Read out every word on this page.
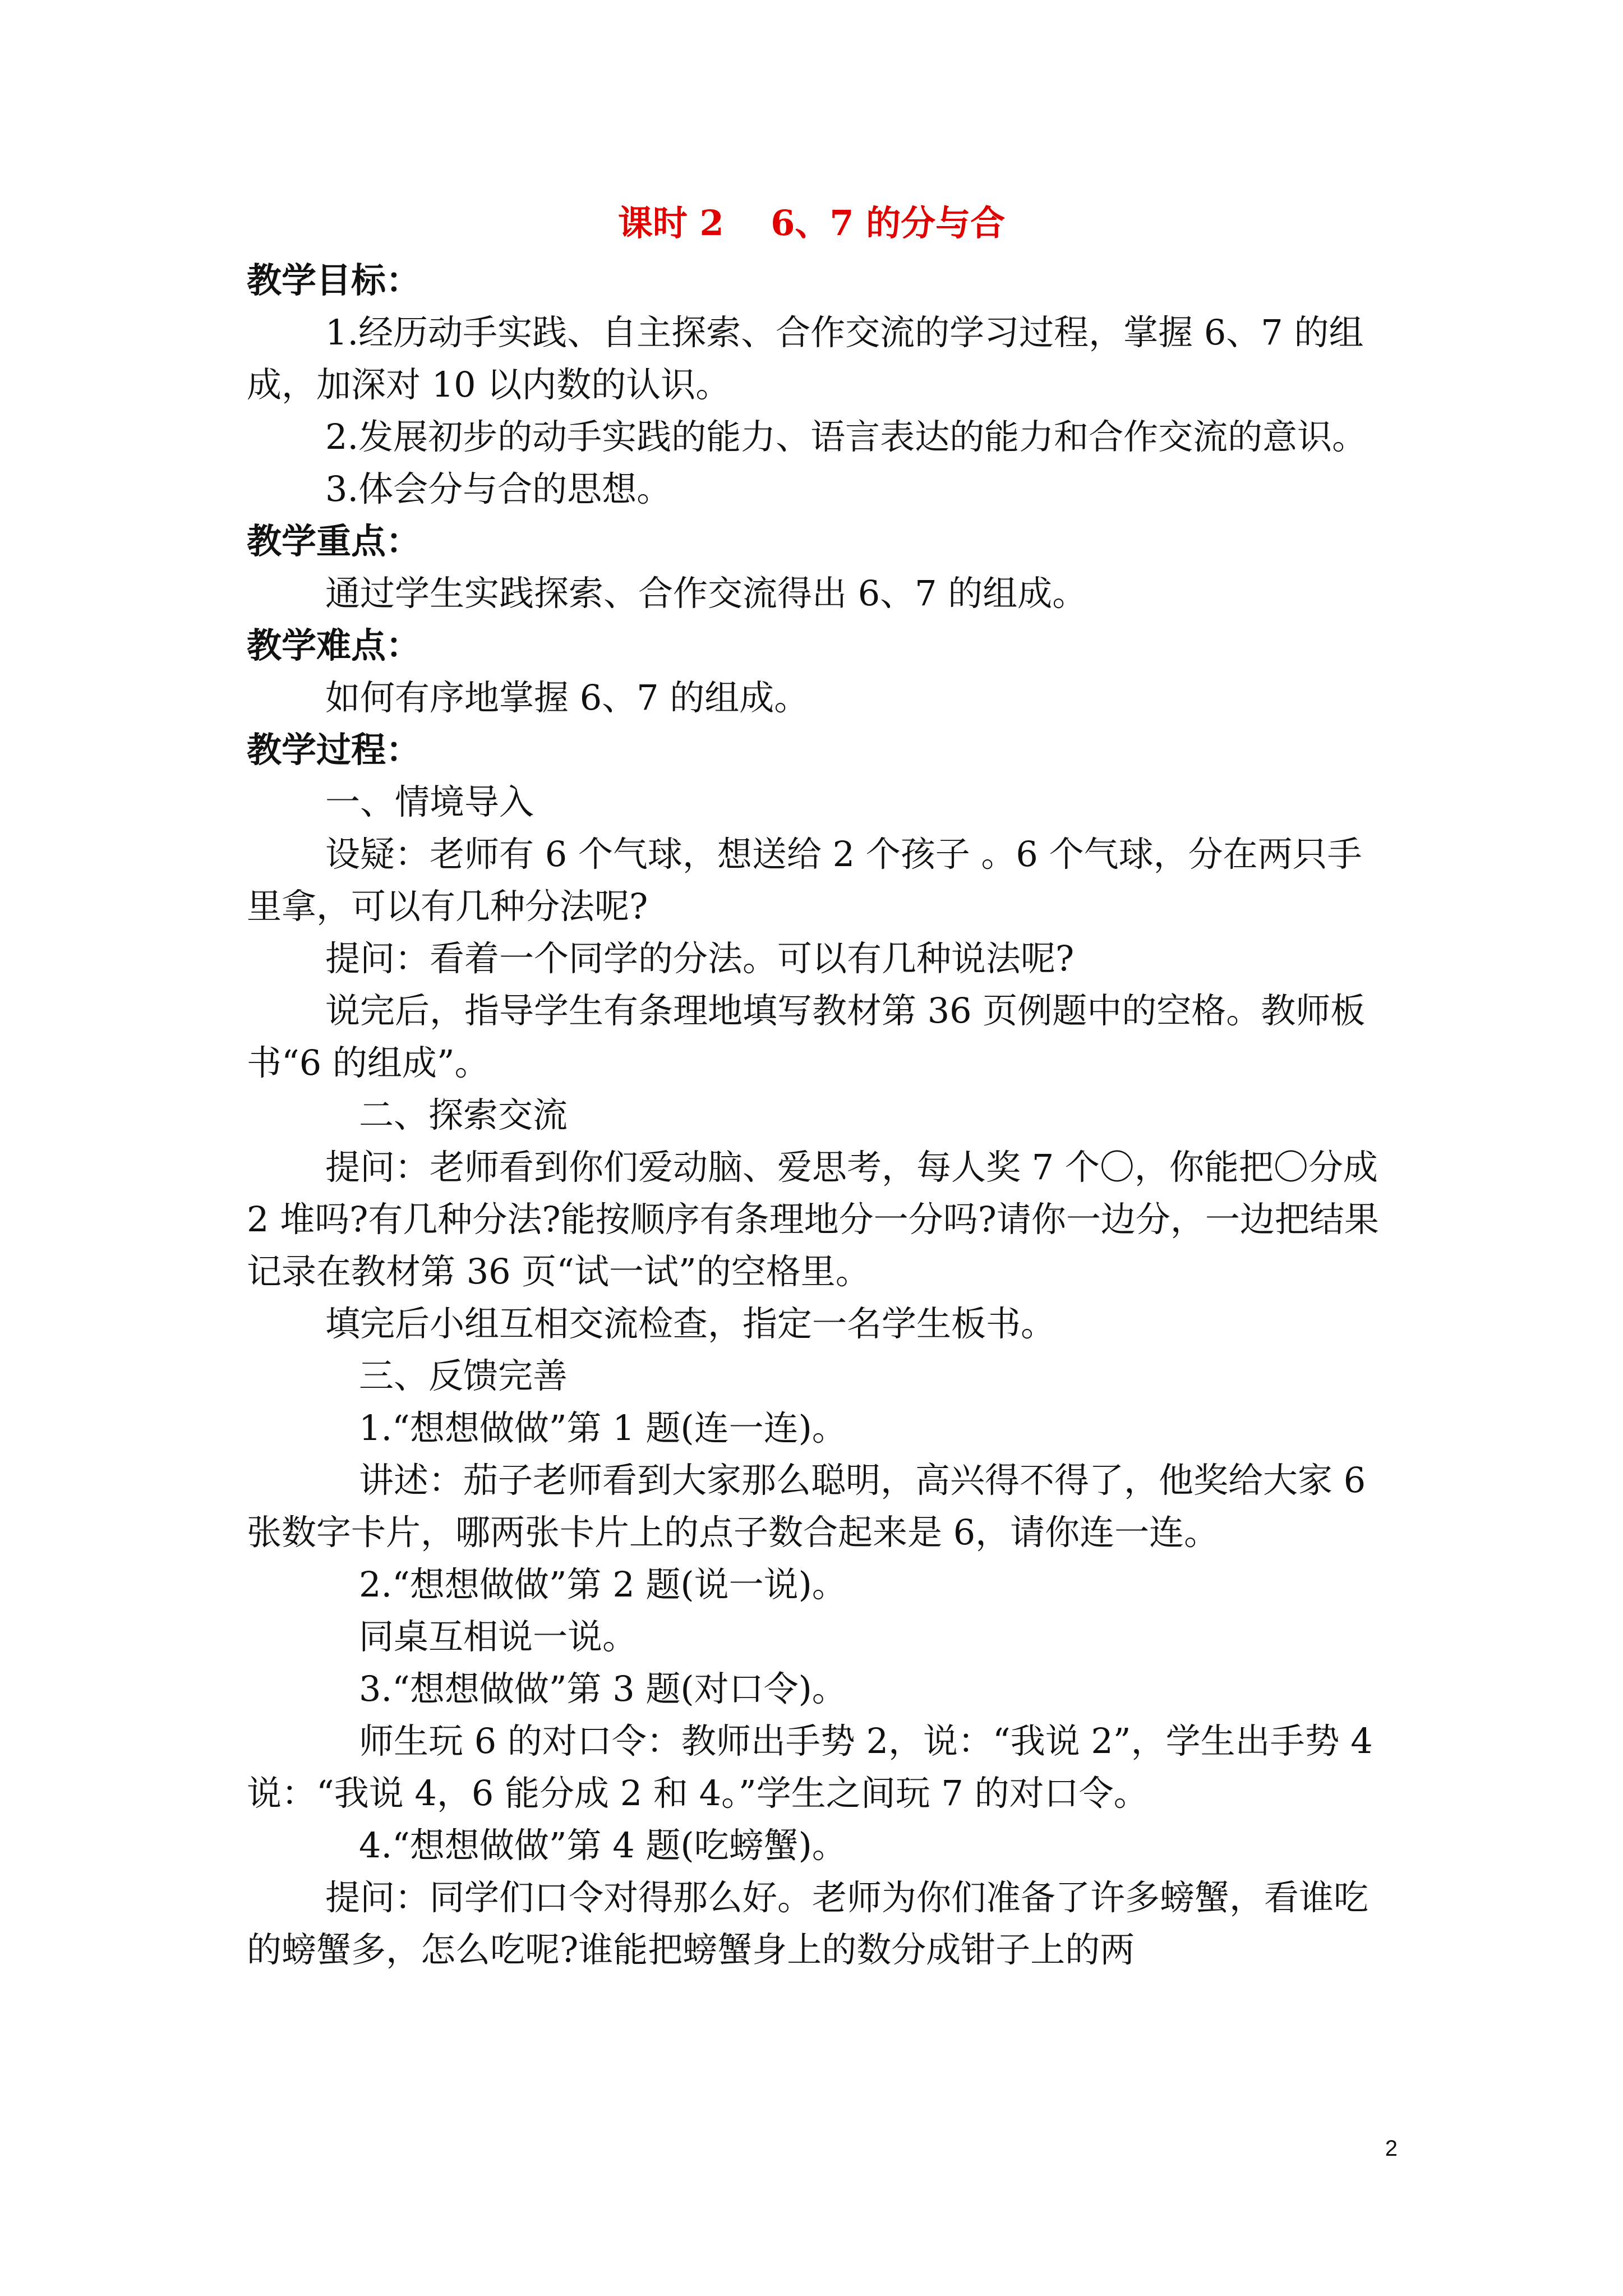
课时 2　 6、7 的分与合

教学目标：

1.经历动手实践、自主探索、合作交流的学习过程，掌握 6、7 的组成，加深对 10 以内数的认识。

2.发展初步的动手实践的能力、语言表达的能力和合作交流的意识。

3.体会分与合的思想。

教学重点：

通过学生实践探索、合作交流得出 6、7 的组成。

教学难点：

如何有序地掌握 6、7 的组成。

教学过程：

一、情境导入

设疑：老师有 6 个气球，想送给 2 个孩子 。6 个气球，分在两只手里拿，可以有几种分法呢?

提问：看着一个同学的分法。可以有几种说法呢?

说完后，指导学生有条理地填写教材第 36 页例题中的空格。教师板书“6 的组成”。

二、探索交流

提问：老师看到你们爱动脑、爱思考，每人奖 7 个〇，你能把〇分成 2 堆吗?有几种分法?能按顺序有条理地分一分吗?请你一边分，一边把结果记录在教材第 36 页“试一试”的空格里。

填完后小组互相交流检查，指定一名学生板书。

三、反馈完善

1.“想想做做”第 1 题(连一连)。

讲述：茄子老师看到大家那么聪明，高兴得不得了，他奖给大家 6 张数字卡片，哪两张卡片上的点子数合起来是 6，请你连一连。

2.“想想做做”第 2 题(说一说)。

同桌互相说一说。

3.“想想做做”第 3 题(对口令)。

师生玩 6 的对口令：教师出手势 2，说：“我说 2”，学生出手势 4 说：“我说 4，6 能分成 2 和 4。”学生之间玩 7 的对口令。

4.“想想做做”第 4 题(吃螃蟹)。

提问：同学们口令对得那么好。老师为你们准备了许多螃蟹，看谁吃的螃蟹多，怎么吃呢?谁能把螃蟹身上的数分成钳子上的两

2
